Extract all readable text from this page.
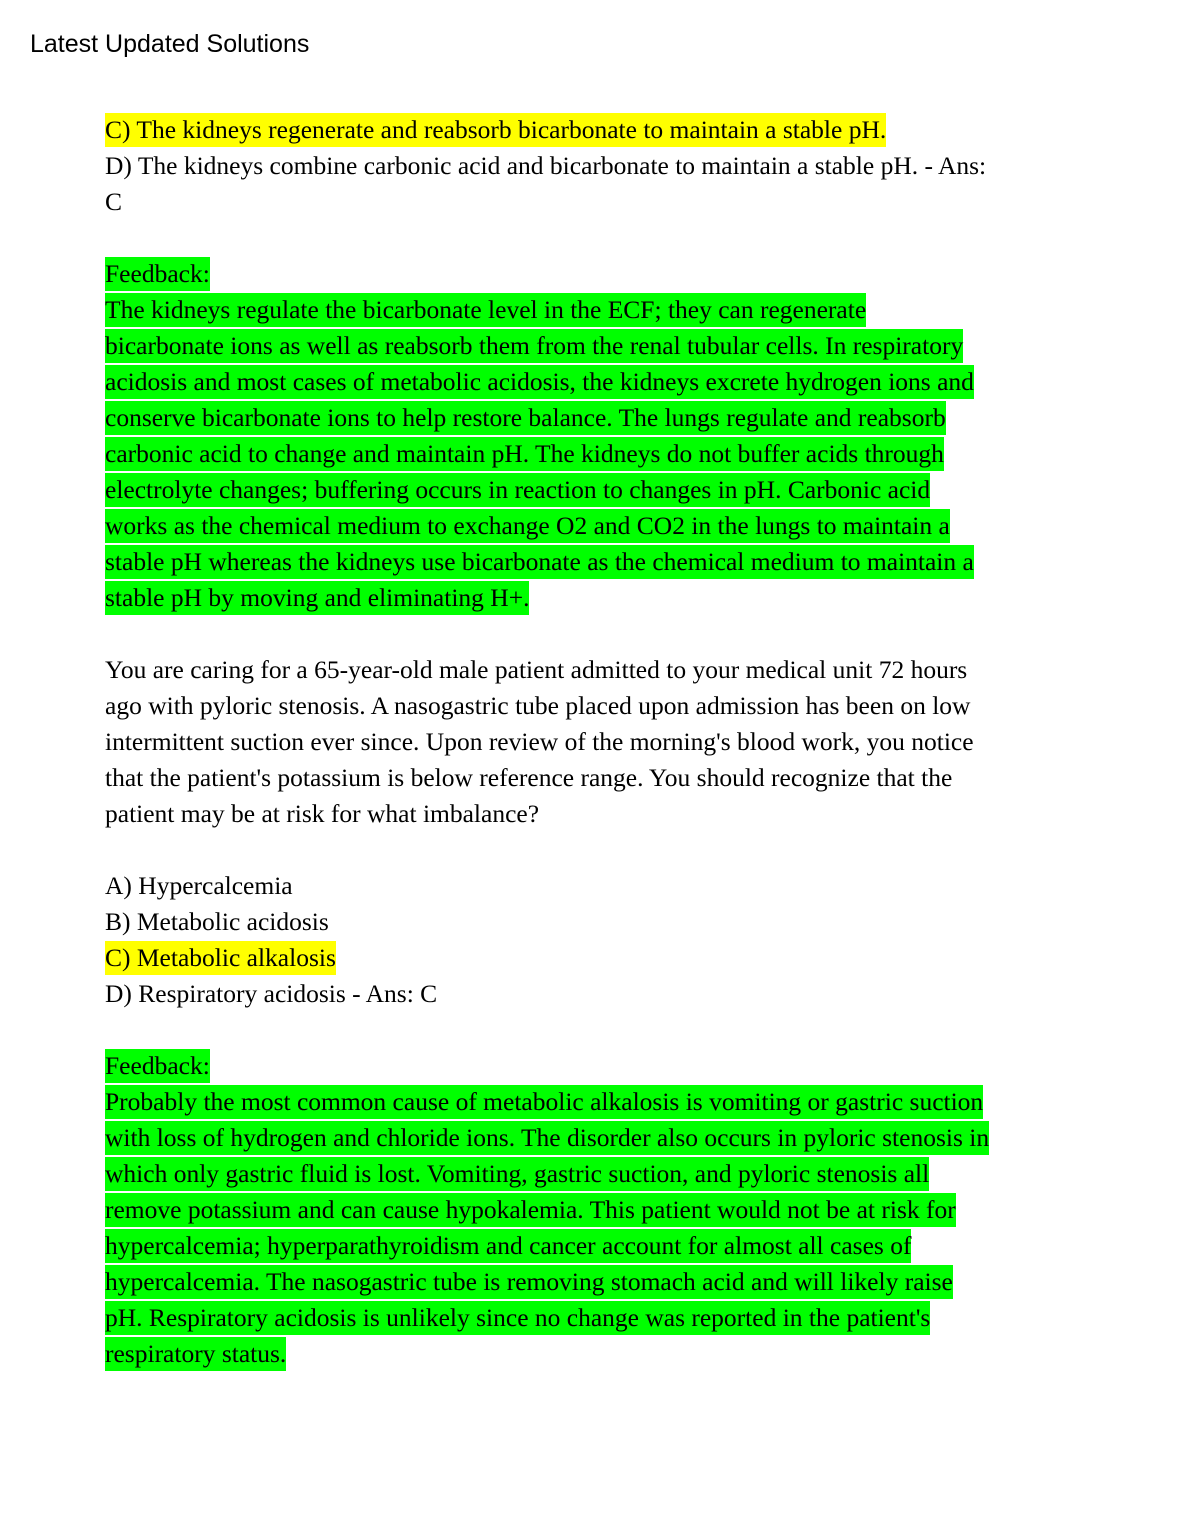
Latest Updated Solutions
C) The kidneys regenerate and reabsorb bicarbonate to maintain a stable pH.
D) The kidneys combine carbonic acid and bicarbonate to maintain a stable pH. - Ans:
C
Feedback:
The kidneys regulate the bicarbonate level in the ECF; they can regenerate
bicarbonate ions as well as reabsorb them from the renal tubular cells. In respiratory
acidosis and most cases of metabolic acidosis, the kidneys excrete hydrogen ions and
conserve bicarbonate ions to help restore balance. The lungs regulate and reabsorb
carbonic acid to change and maintain pH. The kidneys do not buffer acids through
electrolyte changes; buffering occurs in reaction to changes in pH. Carbonic acid
works as the chemical medium to exchange O2 and CO2 in the lungs to maintain a
stable pH whereas the kidneys use bicarbonate as the chemical medium to maintain a
stable pH by moving and eliminating H+.
You are caring for a 65-year-old male patient admitted to your medical unit 72 hours
ago with pyloric stenosis. A nasogastric tube placed upon admission has been on low
intermittent suction ever since. Upon review of the morning's blood work, you notice
that the patient's potassium is below reference range. You should recognize that the
patient may be at risk for what imbalance?
A) Hypercalcemia
B) Metabolic acidosis
C) Metabolic alkalosis
D) Respiratory acidosis - Ans: C
Feedback:
Probably the most common cause of metabolic alkalosis is vomiting or gastric suction
with loss of hydrogen and chloride ions. The disorder also occurs in pyloric stenosis in
which only gastric fluid is lost. Vomiting, gastric suction, and pyloric stenosis all
remove potassium and can cause hypokalemia. This patient would not be at risk for
hypercalcemia; hyperparathyroidism and cancer account for almost all cases of
hypercalcemia. The nasogastric tube is removing stomach acid and will likely raise
pH. Respiratory acidosis is unlikely since no change was reported in the patient's
respiratory status.
